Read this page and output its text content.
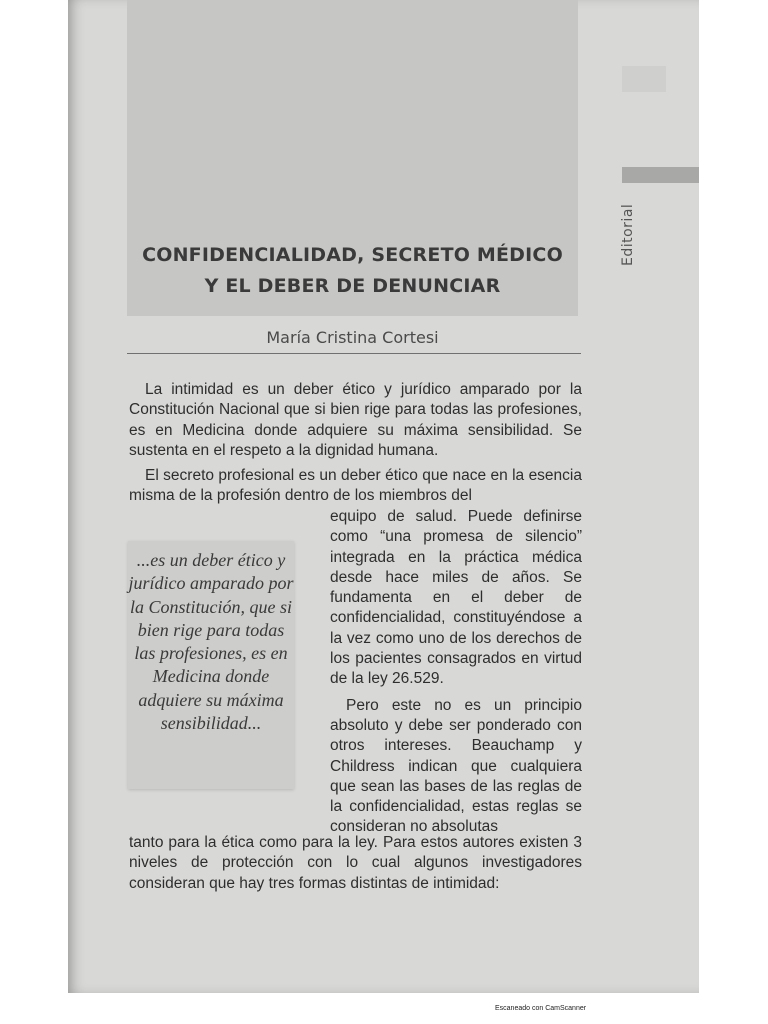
Editorial
CONFIDENCIALIDAD, SECRETO MÉDICO
Y EL DEBER DE DENUNCIAR
María Cristina Cortesi

La intimidad es un deber ético y jurídico amparado por la Constitución Nacional que si bien rige para todas las profesiones, es en Medicina donde adquiere su máxima sensibilidad. Se sustenta en el respeto a la dignidad humana.

El secreto profesional es un deber ético que nace en la esencia misma de la profesión dentro de los miembros del

equipo de salud. Puede definirse como “una promesa de silencio” integrada en la práctica médica desde hace miles de años. Se fundamenta en el deber de confidencialidad, constituyéndose a la vez como uno de los derechos de los pacientes consagrados en virtud de la ley 26.529.

Pero este no es un principio absoluto y debe ser ponderado con otros intereses. Beauchamp y Childress indican que cualquiera que sean las bases de las reglas de la confidencialidad, estas reglas se consideran no absolutas

tanto para la ética como para la ley. Para estos autores existen 3 niveles de protección con lo cual algunos investigadores consideran que hay tres formas distintas de intimidad:

...es un deber ético y jurídico amparado por la Constitución, que si bien rige para todas las profesiones, es en Medicina donde adquiere su máxima sensibilidad...
Escaneado con CamScanner
